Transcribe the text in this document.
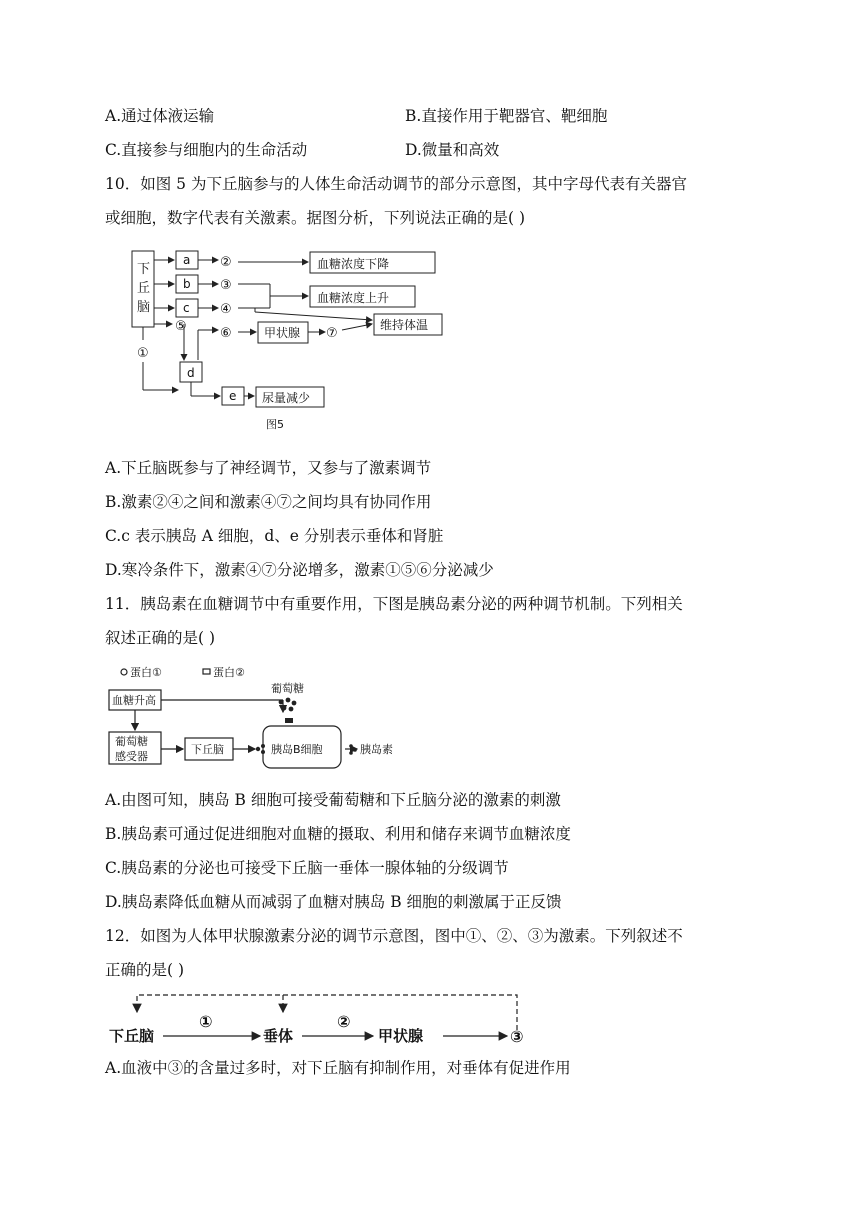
A.通过体液运输	B.直接作用于靶器官、靶细胞
C.直接参与细胞内的生命活动	D.微量和高效
10．如图 5 为下丘脑参与的人体生命活动调节的部分示意图，其中字母代表有关器官
或细胞，数字代表有关激素。据图分析，下列说法正确的是( )
下
丘
脑
a
b
c
d
e
②
③
④
⑤	⑥	⑦
①
血糖浓度下降
血糖浓度上升
甲状腺
维持体温
尿量减少
图5
A.下丘脑既参与了神经调节，又参与了激素调节
B.激素②④之间和激素④⑦之间均具有协同作用
C.c 表示胰岛 A 细胞，d、e 分别表示垂体和肾脏
D.寒冷条件下，激素④⑦分泌增多，激素①⑤⑥分泌减少
11．胰岛素在血糖调节中有重要作用，下图是胰岛素分泌的两种调节机制。下列相关
叙述正确的是( )
蛋白①	蛋白②
葡萄糖
血糖升高
葡萄糖
感受器
下丘脑	胰岛B细胞	胰岛素
A.由图可知，胰岛 B 细胞可接受葡萄糖和下丘脑分泌的激素的刺激
B.胰岛素可通过促进细胞对血糖的摄取、利用和储存来调节血糖浓度
C.胰岛素的分泌也可接受下丘脑一垂体一腺体轴的分级调节
D.胰岛素降低血糖从而减弱了血糖对胰岛 B 细胞的刺激属于正反馈
12．如图为人体甲状腺激素分泌的调节示意图，图中①、②、③为激素。下列叙述不
正确的是( )
下丘脑
①
垂体
②
甲状腺	③
A.血液中③的含量过多时，对下丘脑有抑制作用，对垂体有促进作用
